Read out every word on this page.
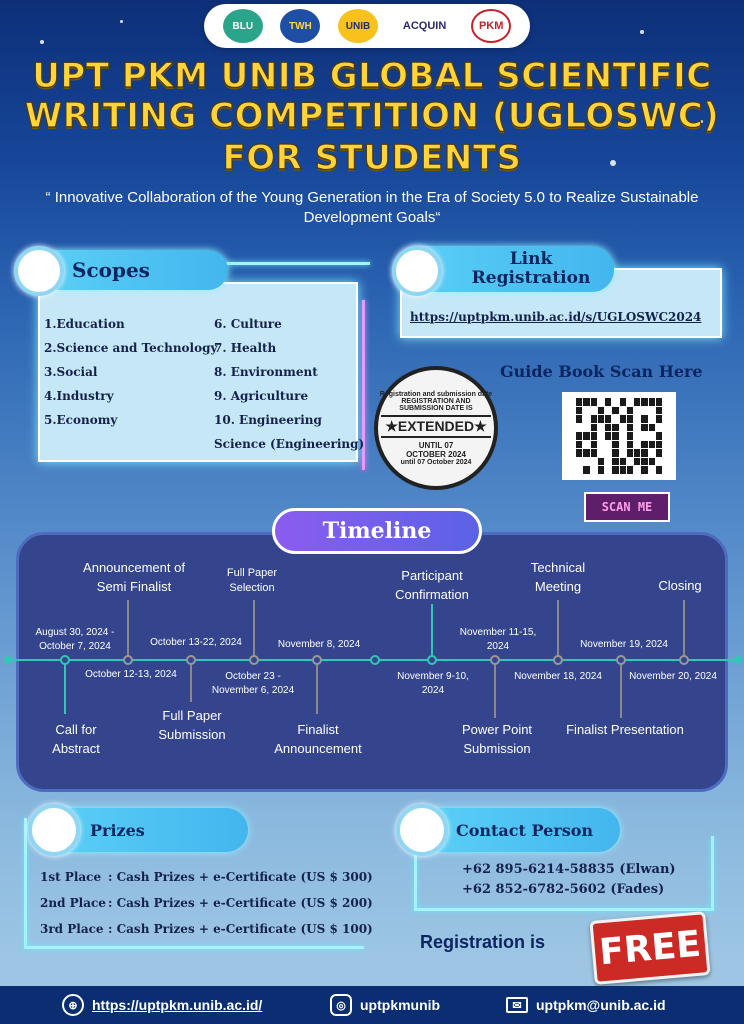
BLU	TWH	UNIB	ACQUIN	PKM
UPT PKM UNIB GLOBAL SCIENTIFIC
WRITING COMPETITION (UGLOSWC)
FOR STUDENTS
“ Innovative Collaboration of the Young Generation in the Era of Society 5.0 to Realize Sustainable Development Goals“
Scopes
1.Education
2.Science and Technology
3.Social
4.Industry
5.Economy
6. Culture
7. Health
8. Environment
9. Agriculture
10. Engineering
Science (Engineering)
Link
Registration
https://uptpkm.unib.ac.id/s/UGLOSWC2024
Guide Book Scan Here
SCAN ME
Registration and submission date
REGISTRATION AND SUBMISSION DATE IS
★EXTENDED★
UNTIL 07
OCTOBER 2024
until 07 October 2024
Timeline
Announcement of Semi Finalist
Full Paper Selection
Participant Confirmation
Technical Meeting	Closing
August 30, 2024 - October 7, 2024	October 13-22, 2024	November 8, 2024
November 11-15, 2024	November 19, 2024
October 12-13, 2024	October 23 - November 6, 2024
November 9-10, 2024
November 18, 2024	November 20, 2024
Call for Abstract
Full Paper Submission	Finalist Announcement
Power Point Submission
Finalist Presentation
Prizes
1st Place : Cash Prizes + e-Certificate (US $ 300)
2nd Place : Cash Prizes + e-Certificate (US $ 200)
3rd Place : Cash Prizes + e-Certificate (US $ 100)
Contact Person
+62 895-6214-58835 (Elwan)
+62 852-6782-5602 (Fades)
Registration is FREE
⊕	https://uptpkm.unib.ac.id/	◎	uptpkmunib	✉	uptpkm@unib.ac.id
